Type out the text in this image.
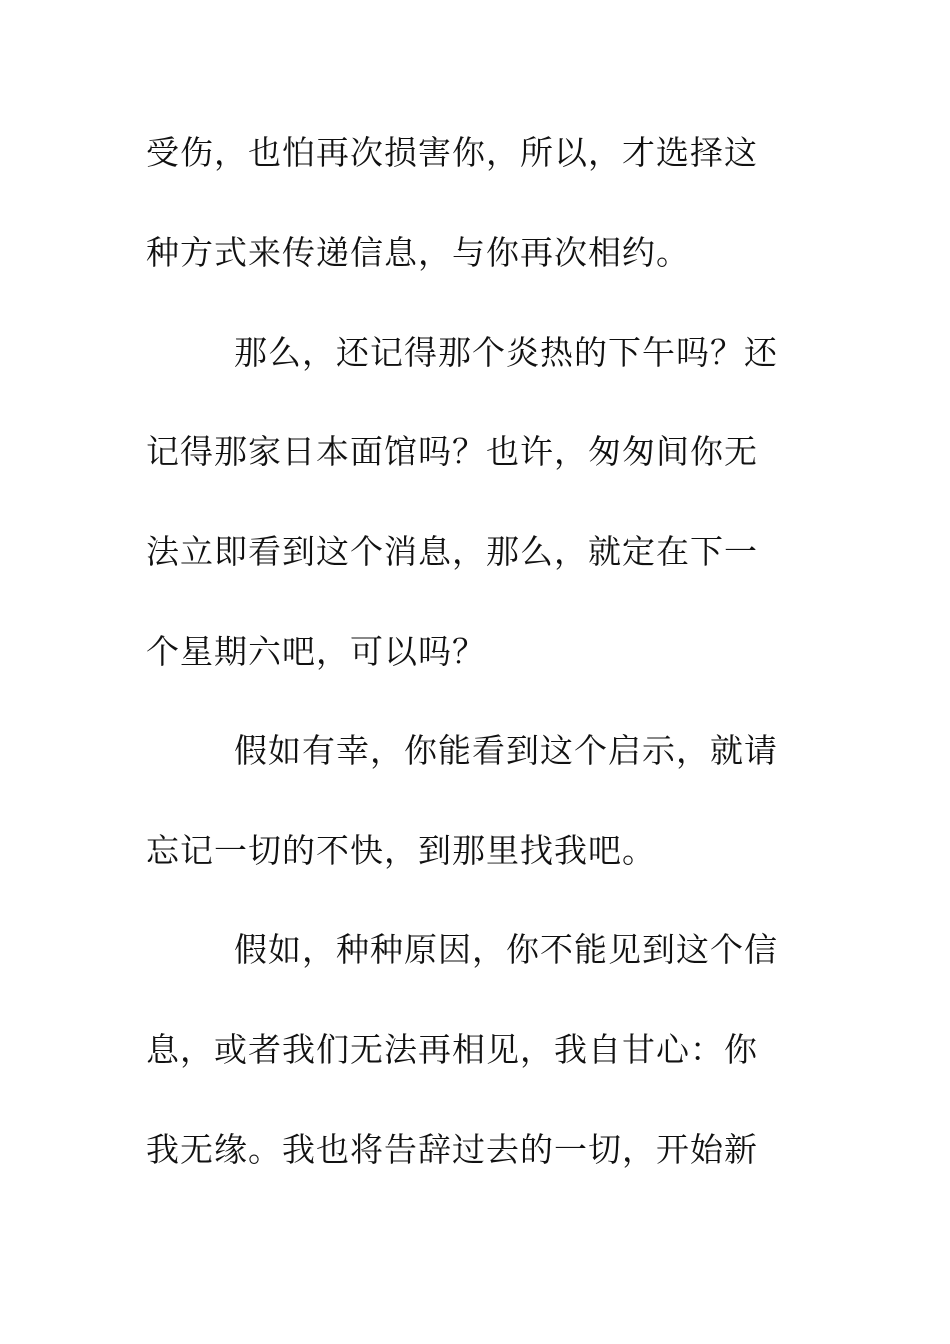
受伤，也怕再次损害你，所以，才选择这
种方式来传递信息，与你再次相约。
那么，还记得那个炎热的下午吗？还
记得那家日本面馆吗？也许，匆匆间你无
法立即看到这个消息，那么，就定在下一
个星期六吧，可以吗？
假如有幸，你能看到这个启示，就请
忘记一切的不快，到那里找我吧。
假如，种种原因，你不能见到这个信
息，或者我们无法再相见，我自甘心：你
我无缘。我也将告辞过去的一切，开始新
